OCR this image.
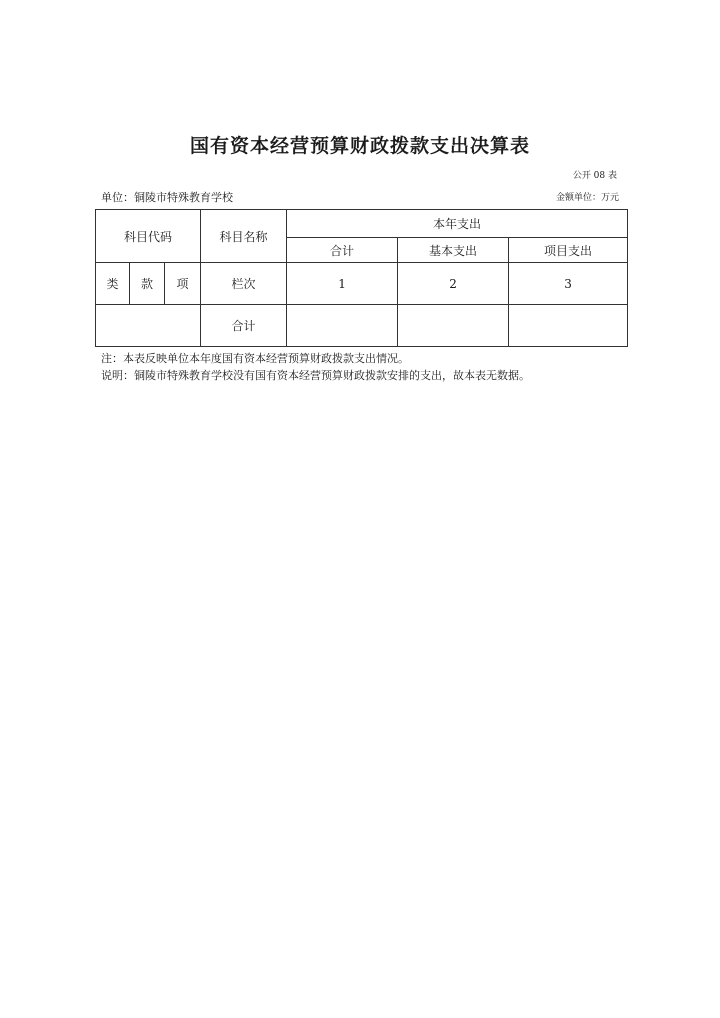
国有资本经营预算财政拨款支出决算表
公开 08 表
单位：铜陵市特殊教育学校	金额单位：万元
科目代码			科目名称	本年支出		
				合计	基本支出	项目支出
类	款	项	栏次	1	2	3
			合计			
注：本表反映单位本年度国有资本经营预算财政拨款支出情况。
说明：铜陵市特殊教育学校没有国有资本经营预算财政拨款安排的支出，故本表无数据。
